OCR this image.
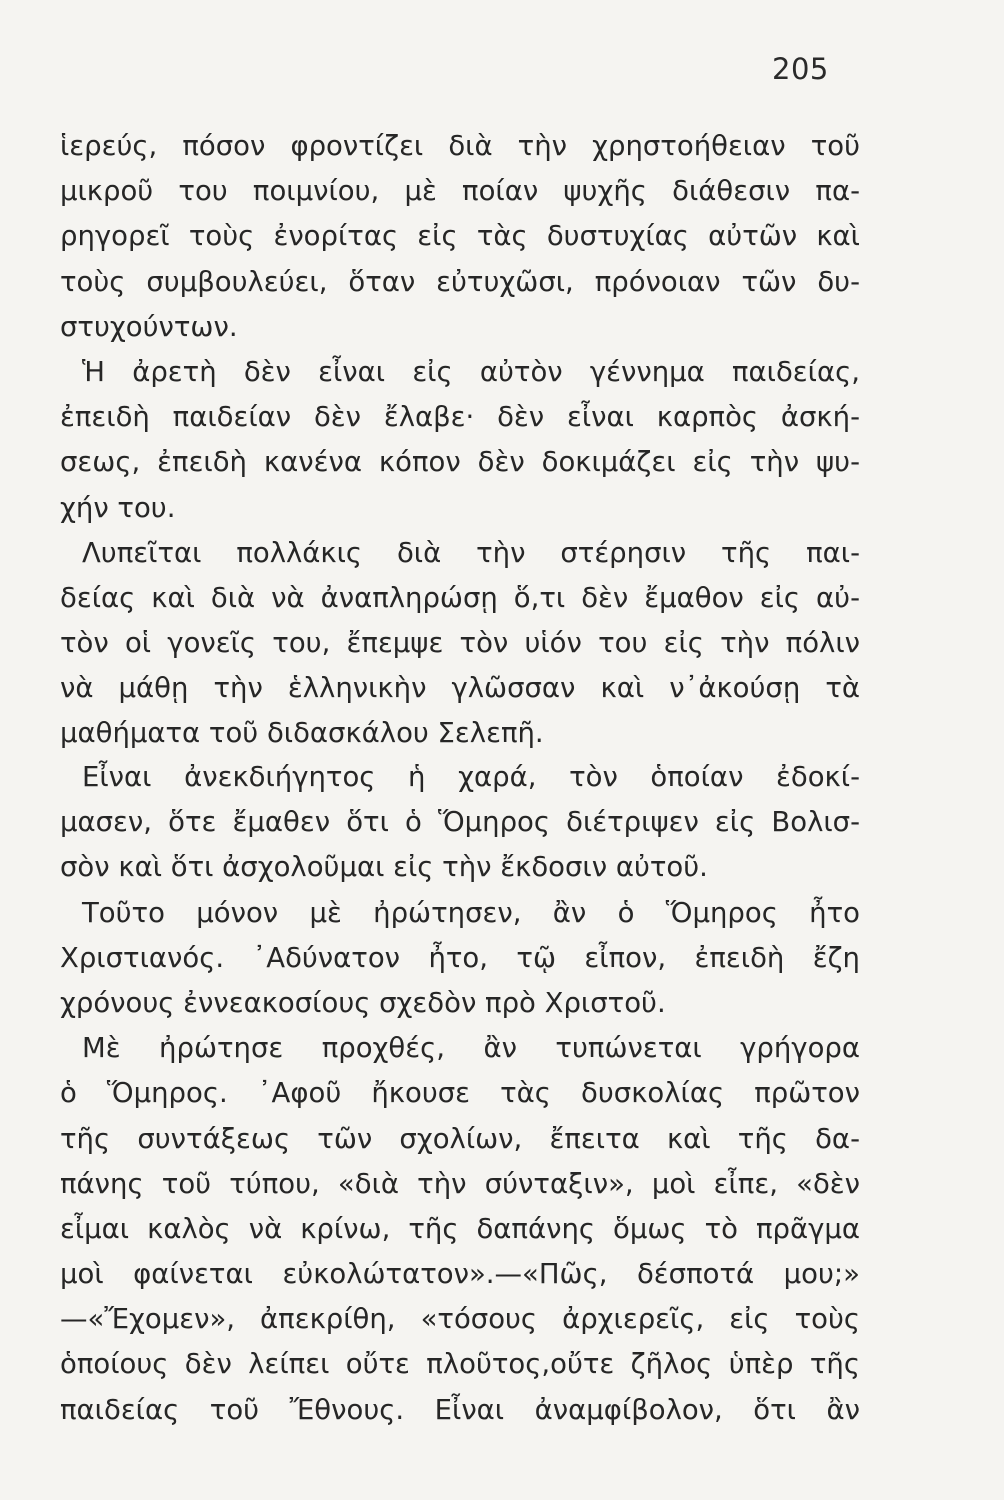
205
ἱερεύς, πόσον φροντίζει διὰ τὴν χρηστοήθειαν τοῦ
μικροῦ του ποιμνίου, μὲ ποίαν ψυχῆς διάθεσιν πα-
ρηγορεῖ τοὺς ἐνορίτας εἰς τὰς δυστυχίας αὐτῶν καὶ
τοὺς συμβουλεύει, ὅταν εὐτυχῶσι, πρόνοιαν τῶν δυ-
στυχούντων.
Ἡ ἀρετὴ δὲν εἶναι εἰς αὐτὸν γέννημα παιδείας,
ἐπειδὴ παιδείαν δὲν ἔλαβε· δὲν εἶναι καρπὸς ἀσκή-
σεως, ἐπειδὴ κανένα κόπον δὲν δοκιμάζει εἰς τὴν ψυ-
χήν του.
Λυπεῖται πολλάκις διὰ τὴν στέρησιν τῆς παι-
δείας καὶ διὰ νὰ ἀναπληρώσῃ ὅ,τι δὲν ἔμαθον εἰς αὐ-
τὸν οἱ γονεῖς του, ἔπεμψε τὸν υἱόν του εἰς τὴν πόλιν
νὰ μάθῃ τὴν ἑλληνικὴν γλῶσσαν καὶ ν᾿ἀκούσῃ τὰ
μαθήματα τοῦ διδασκάλου Σελεπῆ.
Εἶναι ἀνεκδιήγητος ἡ χαρά, τὸν ὁποίαν ἐδοκί-
μασεν, ὅτε ἔμαθεν ὅτι ὁ Ὅμηρος διέτριψεν εἰς Βολισ-
σὸν καὶ ὅτι ἀσχολοῦμαι εἰς τὴν ἔκδοσιν αὐτοῦ.
Τοῦτο μόνον μὲ ἠρώτησεν, ἂν ὁ Ὅμηρος ἦτο
Χριστιανός. ᾿Αδύνατον ἦτο, τῷ εἶπον, ἐπειδὴ ἔζη
χρόνους ἐννεακοσίους σχεδὸν πρὸ Χριστοῦ.
Μὲ ἠρώτησε προχθές, ἂν τυπώνεται γρήγορα
ὁ Ὅμηρος. ᾿Αφοῦ ἤκουσε τὰς δυσκολίας πρῶτον
τῆς συντάξεως τῶν σχολίων, ἔπειτα καὶ τῆς δα-
πάνης τοῦ τύπου, «διὰ τὴν σύνταξιν», μοὶ εἶπε, «δὲν
εἶμαι καλὸς νὰ κρίνω, τῆς δαπάνης ὅμως τὸ πρᾶγμα
μοὶ φαίνεται εὐκολώτατον».—«Πῶς, δέσποτά μου;»
—«Ἔχομεν», ἀπεκρίθη, «τόσους ἀρχιερεῖς, εἰς τοὺς
ὁποίους δὲν λείπει οὔτε πλοῦτος,οὔτε ζῆλος ὑπὲρ τῆς
παιδείας τοῦ Ἔθνους. Εἶναι ἀναμφίβολον, ὅτι ἂν
